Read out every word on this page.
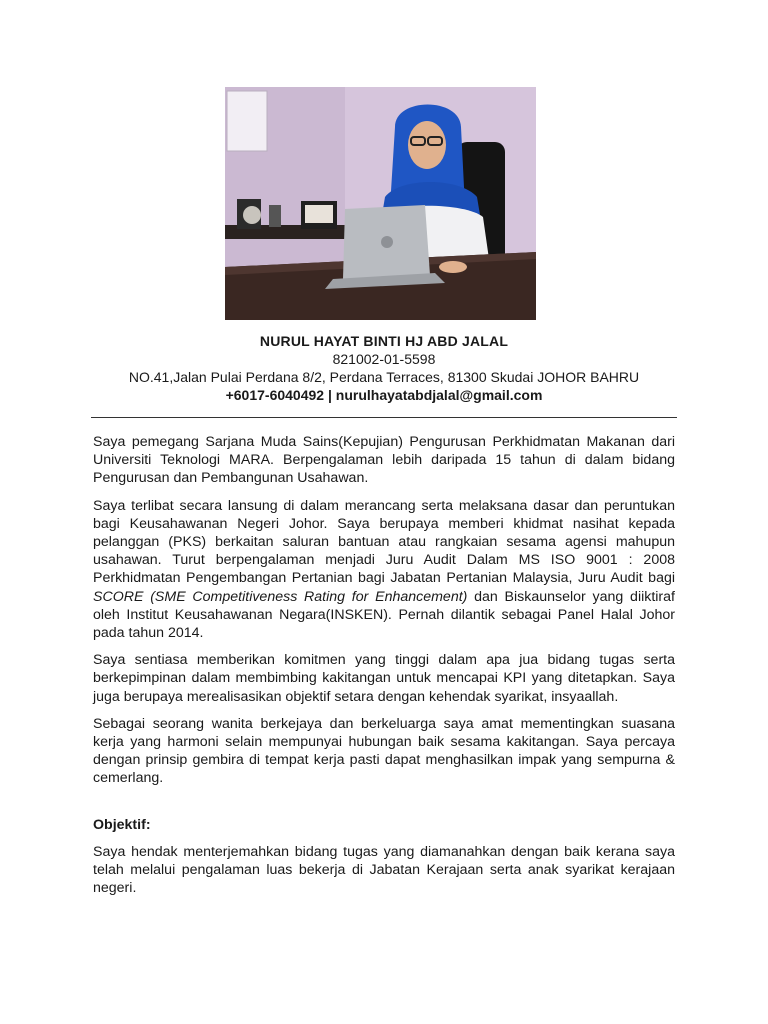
NURUL HAYAT BINTI HJ ABD JALAL
821002-01-5598
NO.41,Jalan Pulai Perdana 8/2, Perdana Terraces, 81300 Skudai JOHOR BAHRU
+6017-6040492 | nurulhayatabdjalal@gmail.com

Saya pemegang Sarjana Muda Sains(Kepujian) Pengurusan Perkhidmatan Makanan dari Universiti Teknologi MARA. Berpengalaman lebih daripada 15 tahun di dalam bidang Pengurusan dan Pembangunan Usahawan.

Saya terlibat secara lansung di dalam merancang serta melaksana dasar dan peruntukan bagi Keusahawanan Negeri Johor. Saya berupaya memberi khidmat nasihat kepada pelanggan (PKS) berkaitan saluran bantuan atau rangkaian sesama agensi mahupun usahawan. Turut berpengalaman menjadi Juru Audit Dalam MS ISO 9001 : 2008 Perkhidmatan Pengembangan Pertanian bagi Jabatan Pertanian Malaysia, Juru Audit bagi SCORE (SME Competitiveness Rating for Enhancement) dan Biskaunselor yang diiktiraf oleh Institut Keusahawanan Negara(INSKEN). Pernah dilantik sebagai Panel Halal Johor pada tahun 2014.

Saya sentiasa memberikan komitmen yang tinggi dalam apa jua bidang tugas serta berkepimpinan dalam membimbing kakitangan untuk mencapai KPI yang ditetapkan. Saya juga berupaya merealisasikan objektif setara dengan kehendak syarikat, insyaallah.

Sebagai seorang wanita berkejaya dan berkeluarga saya amat mementingkan suasana kerja yang harmoni selain mempunyai hubungan baik sesama kakitangan. Saya percaya dengan prinsip gembira di tempat kerja pasti dapat menghasilkan impak yang sempurna & cemerlang.

Objektif:

Saya hendak menterjemahkan bidang tugas yang diamanahkan dengan baik kerana saya telah melalui pengalaman luas bekerja di Jabatan Kerajaan serta anak syarikat kerajaan negeri.
